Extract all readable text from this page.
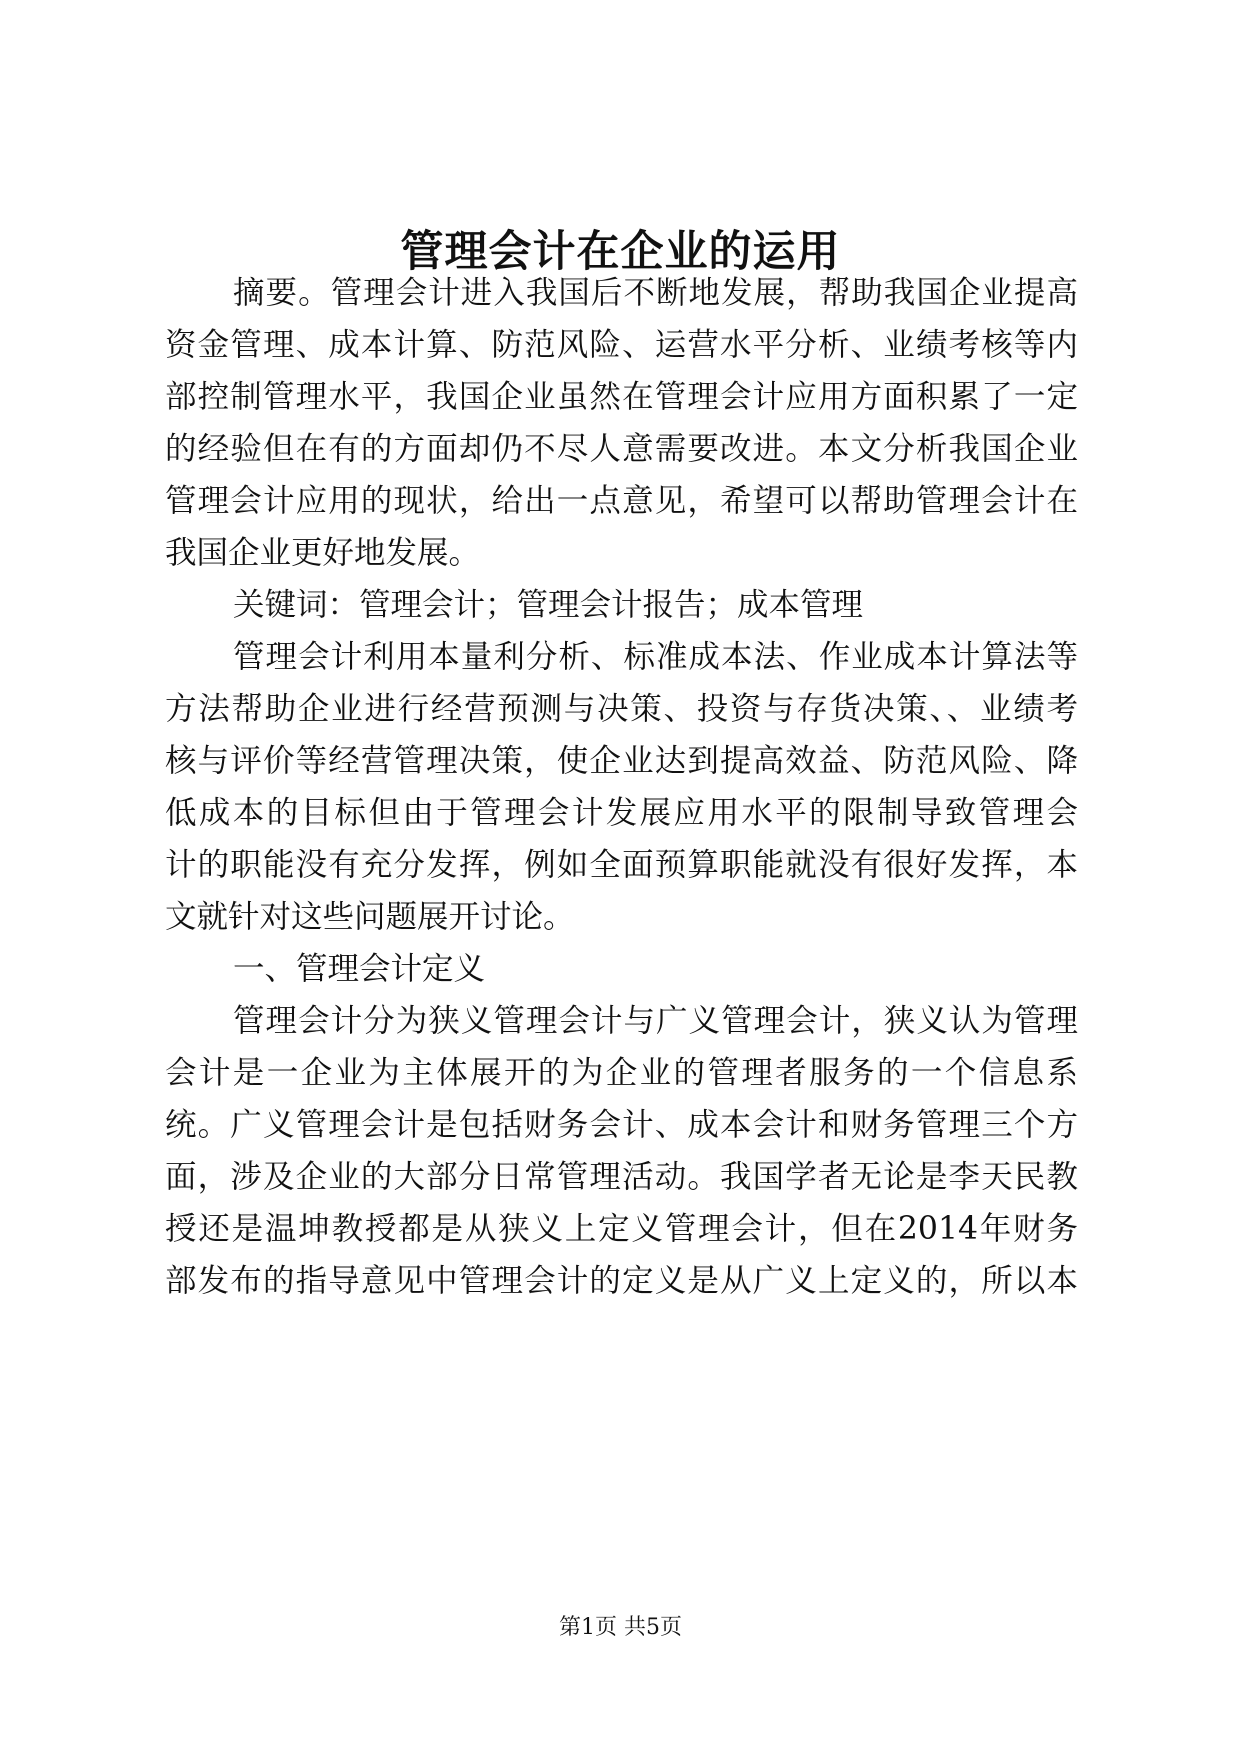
管理会计在企业的运用

摘要。管理会计进入我国后不断地发展，帮助我国企业提高

资金管理、成本计算、防范风险、运营水平分析、业绩考核等内

部控制管理水平，我国企业虽然在管理会计应用方面积累了一定

的经验但在有的方面却仍不尽人意需要改进。本文分析我国企业

管理会计应用的现状，给出一点意见，希望可以帮助管理会计在

我国企业更好地发展。

关键词：管理会计；管理会计报告；成本管理

管理会计利用本量利分析、标准成本法、作业成本计算法等

方法帮助企业进行经营预测与决策、投资与存货决策、、业绩考

核与评价等经营管理决策，使企业达到提高效益、防范风险、降

低成本的目标但由于管理会计发展应用水平的限制导致管理会

计的职能没有充分发挥，例如全面预算职能就没有很好发挥，本

文就针对这些问题展开讨论。

一、管理会计定义

管理会计分为狭义管理会计与广义管理会计，狭义认为管理

会计是一企业为主体展开的为企业的管理者服务的一个信息系

统。广义管理会计是包括财务会计、成本会计和财务管理三个方

面，涉及企业的大部分日常管理活动。我国学者无论是李天民教

授还是温坤教授都是从狭义上定义管理会计，但在2014年财务

部发布的指导意见中管理会计的定义是从广义上定义的，所以本

第1页 共5页
